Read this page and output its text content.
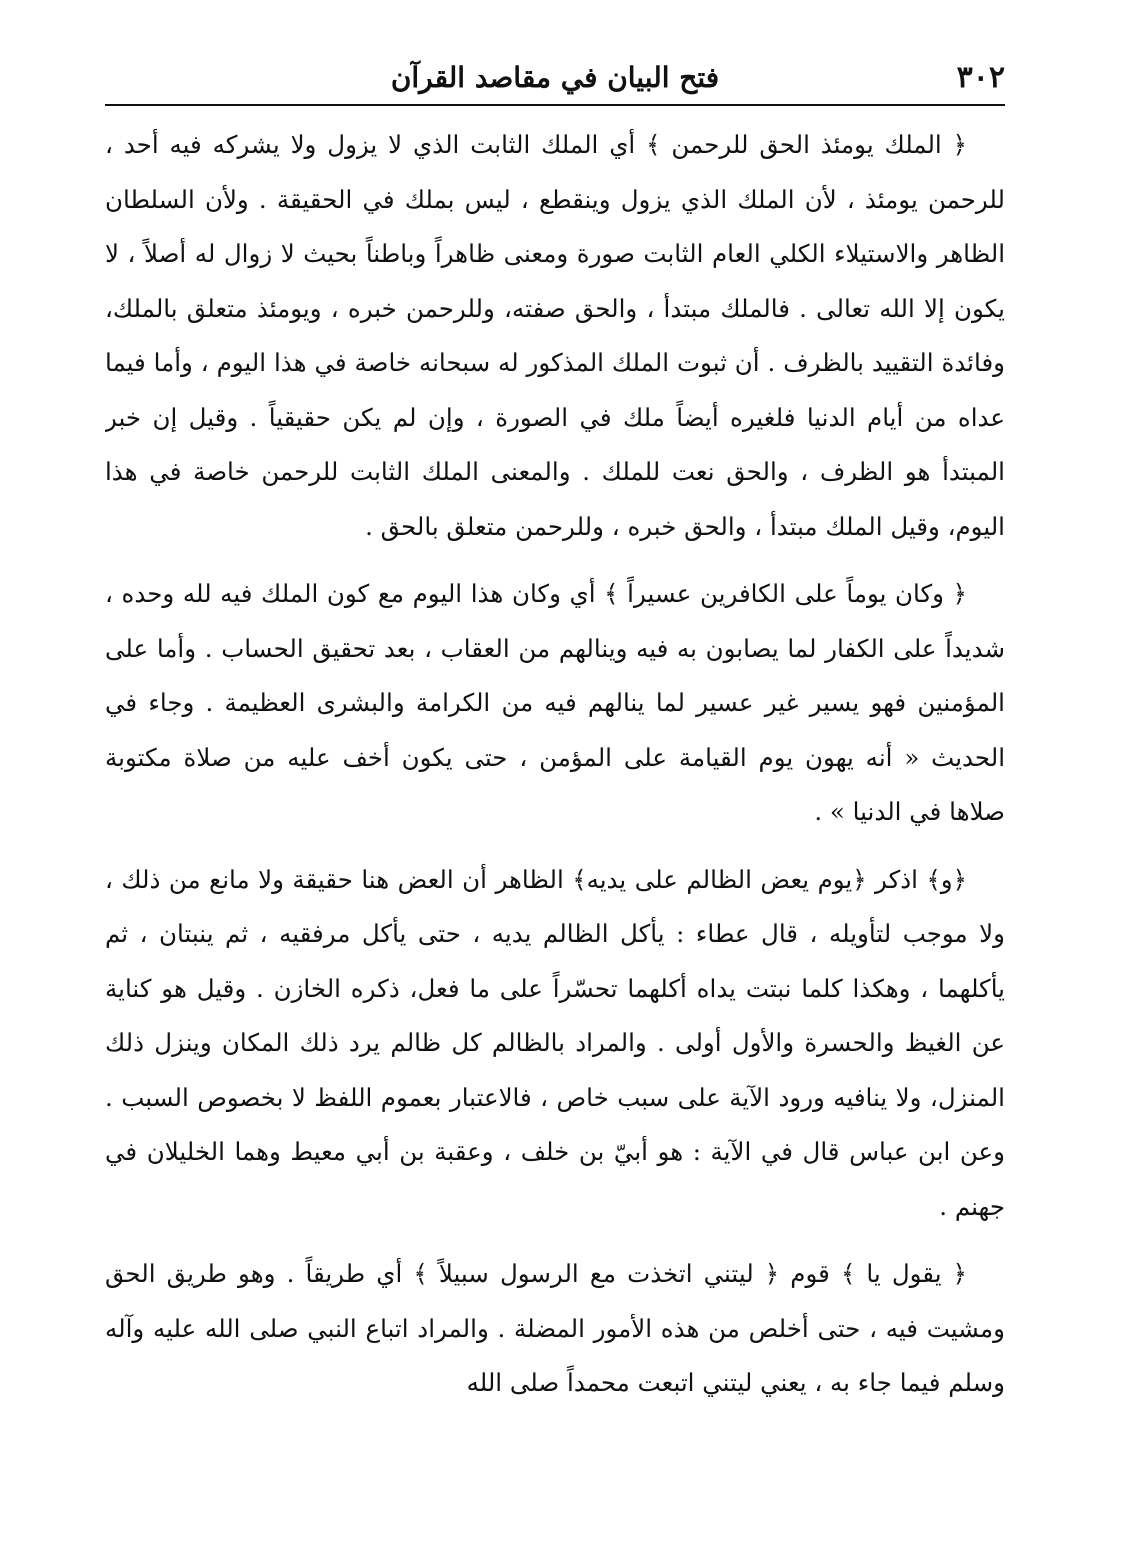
٣٠٢
فتح البيان في مقاصد القرآن

﴿ الملك يومئذ الحق للرحمن ﴾ أي الملك الثابت الذي لا يزول ولا يشركه فيه أحد ، للرحمن يومئذ ، لأن الملك الذي يزول وينقطع ، ليس بملك في الحقيقة . ولأن السلطان الظاهر والاستيلاء الكلي العام الثابت صورة ومعنى ظاهراً وباطناً بحيث لا زوال له أصلاً ، لا يكون إلا الله تعالى . فالملك مبتدأ ، والحق صفته، وللرحمن خبره ، ويومئذ متعلق بالملك، وفائدة التقييد بالظرف . أن ثبوت الملك المذكور له سبحانه خاصة في هذا اليوم ، وأما فيما عداه من أيام الدنيا فلغيره أيضاً ملك في الصورة ، وإن لم يكن حقيقياً . وقيل إن خبر المبتدأ هو الظرف ، والحق نعت للملك . والمعنى الملك الثابت للرحمن خاصة في هذا اليوم، وقيل الملك مبتدأ ، والحق خبره ، وللرحمن متعلق بالحق .

﴿ وكان يوماً على الكافرين عسيراً ﴾ أي وكان هذا اليوم مع كون الملك فيه لله وحده ، شديداً على الكفار لما يصابون به فيه وينالهم من العقاب ، بعد تحقيق الحساب . وأما على المؤمنين فهو يسير غير عسير لما ينالهم فيه من الكرامة والبشرى العظيمة . وجاء في الحديث « أنه يهون يوم القيامة على المؤمن ، حتى يكون أخف عليه من صلاة مكتوبة صلاها في الدنيا » .

﴿و﴾ اذكر ﴿يوم يعض الظالم على يديه﴾ الظاهر أن العض هنا حقيقة ولا مانع من ذلك ، ولا موجب لتأويله ، قال عطاء : يأكل الظالم يديه ، حتى يأكل مرفقيه ، ثم ينبتان ، ثم يأكلهما ، وهكذا كلما نبتت يداه أكلهما تحسّراً على ما فعل، ذكره الخازن . وقيل هو كناية عن الغيظ والحسرة والأول أولى . والمراد بالظالم كل ظالم يرد ذلك المكان وينزل ذلك المنزل، ولا ينافيه ورود الآية على سبب خاص ، فالاعتبار بعموم اللفظ لا بخصوص السبب . وعن ابن عباس قال في الآية : هو أبيّ بن خلف ، وعقبة بن أبي معيط وهما الخليلان في جهنم .

﴿ يقول يا ﴾ قوم ﴿ ليتني اتخذت مع الرسول سبيلاً ﴾ أي طريقاً . وهو طريق الحق ومشيت فيه ، حتى أخلص من هذه الأمور المضلة . والمراد اتباع النبي صلى الله عليه وآله وسلم فيما جاء به ، يعني ليتني اتبعت محمداً صلى الله
